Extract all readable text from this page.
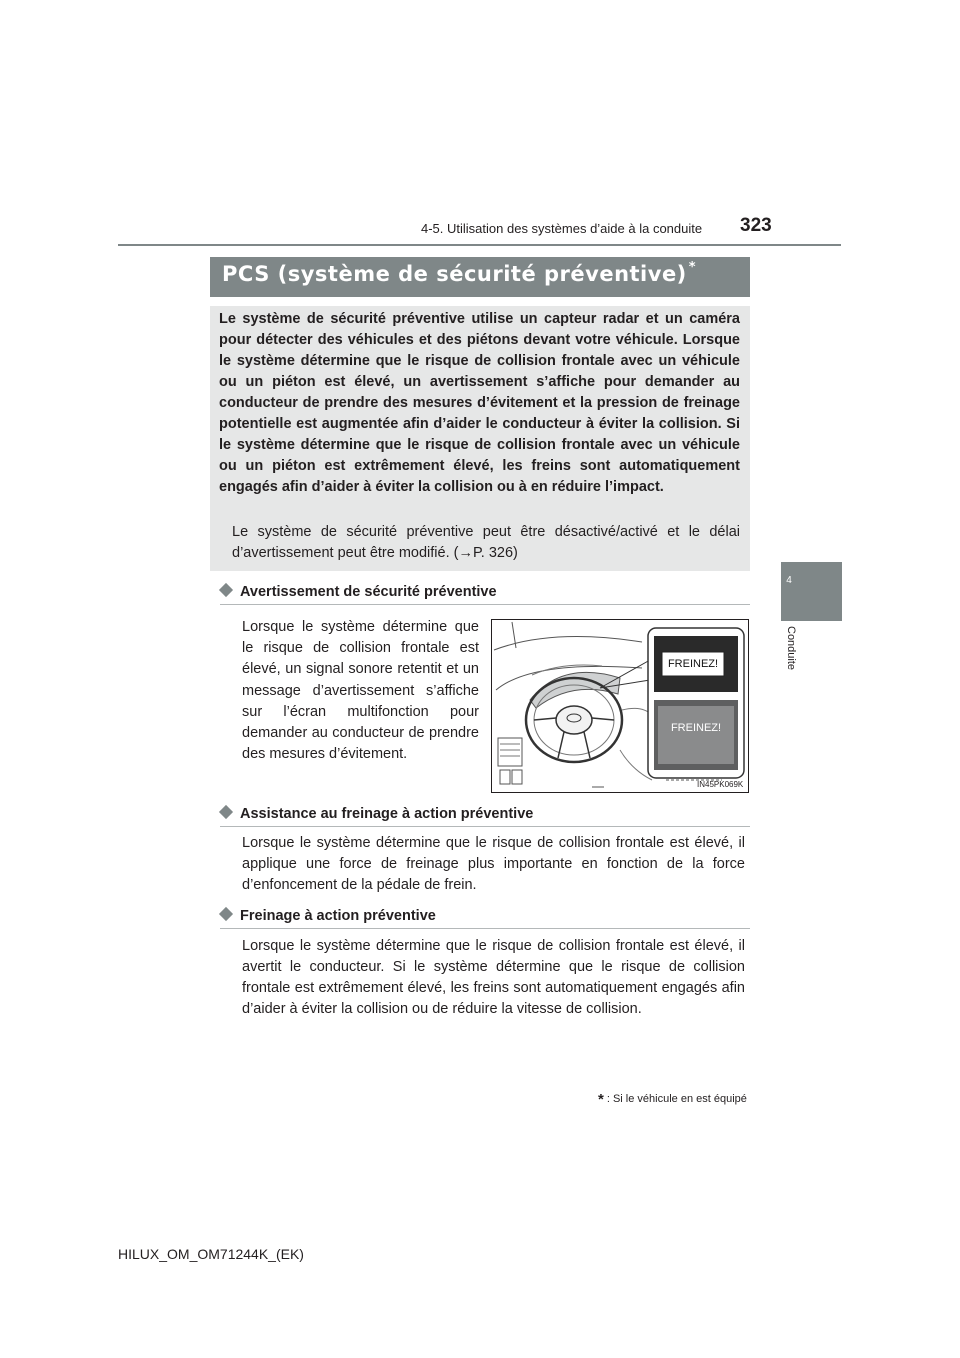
4-5. Utilisation des systèmes d’aide à la conduite 323
4
Conduite
PCS (système de sécurité préventive) *
Le système de sécurité préventive utilise un capteur radar et un caméra pour détecter des véhicules et des piétons devant votre véhicule. Lorsque le système détermine que le risque de collision frontale avec un véhicule ou un piéton est élevé, un avertissement s’affiche pour demander au conducteur de prendre des mesures d’évitement et la pression de freinage potentielle est augmentée afin d’aider le conducteur à éviter la collision. Si le système détermine que le risque de collision frontale avec un véhicule ou un piéton est extrêmement élevé, les freins sont automatiquement engagés afin d’aider à éviter la collision ou à en réduire l’impact.
Le système de sécurité préventive peut être désactivé/activé et le délai d’avertissement peut être modifié. (→P. 326)
Avertissement de sécurité préventive
Lorsque le système détermine que le risque de collision frontale est élevé, un signal sonore retentit et un message d’avertissement s’affiche sur l’écran multifonction pour demander au conducteur de prendre des mesures d’évitement.
FREINEZ!
FREINEZ!
IN45PK069K
Assistance au freinage à action préventive
Lorsque le système détermine que le risque de collision frontale est élevé, il applique une force de freinage plus importante en fonction de la force d’enfoncement de la pédale de frein.
Freinage à action préventive
Lorsque le système détermine que le risque de collision frontale est élevé, il avertit le conducteur. Si le système détermine que le risque de collision frontale est extrêmement élevé, les freins sont automatiquement engagés afin d’aider à éviter la collision ou de réduire la vitesse de collision.
* : Si le véhicule en est équipé
HILUX_OM_OM71244K_(EK)
